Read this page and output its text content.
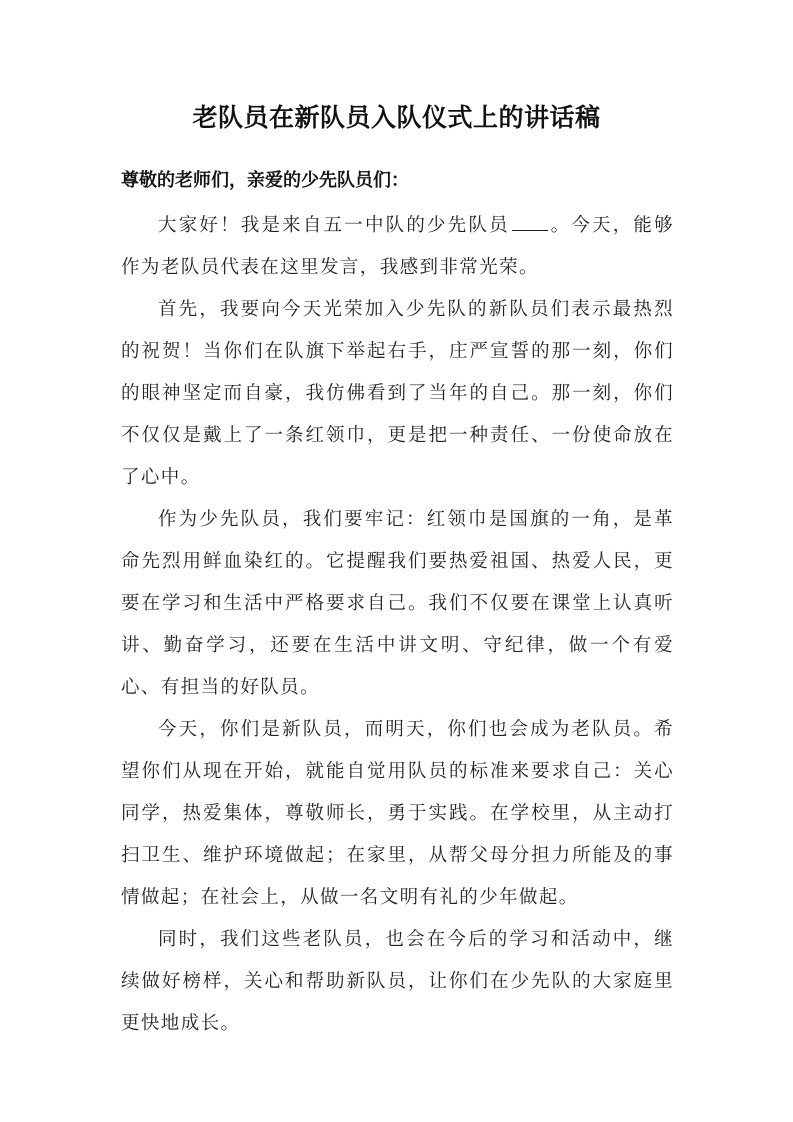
老队员在新队员入队仪式上的讲话稿

尊敬的老师们，亲爱的少先队员们：

大家好！我是来自五一中队的少先队员 。今天，能够作为老队员代表在这里发言，我感到非常光荣。

首先，我要向今天光荣加入少先队的新队员们表示最热烈的祝贺！当你们在队旗下举起右手，庄严宣誓的那一刻，你们的眼神坚定而自豪，我仿佛看到了当年的自己。那一刻，你们不仅仅是戴上了一条红领巾，更是把一种责任、一份使命放在了心中。

作为少先队员，我们要牢记：红领巾是国旗的一角，是革命先烈用鲜血染红的。它提醒我们要热爱祖国、热爱人民，更要在学习和生活中严格要求自己。我们不仅要在课堂上认真听讲、勤奋学习，还要在生活中讲文明、守纪律，做一个有爱心、有担当的好队员。

今天，你们是新队员，而明天，你们也会成为老队员。希望你们从现在开始，就能自觉用队员的标准来要求自己：关心同学，热爱集体，尊敬师长，勇于实践。在学校里，从主动打扫卫生、维护环境做起；在家里，从帮父母分担力所能及的事情做起；在社会上，从做一名文明有礼的少年做起。

同时，我们这些老队员，也会在今后的学习和活动中，继续做好榜样，关心和帮助新队员，让你们在少先队的大家庭里更快地成长。
